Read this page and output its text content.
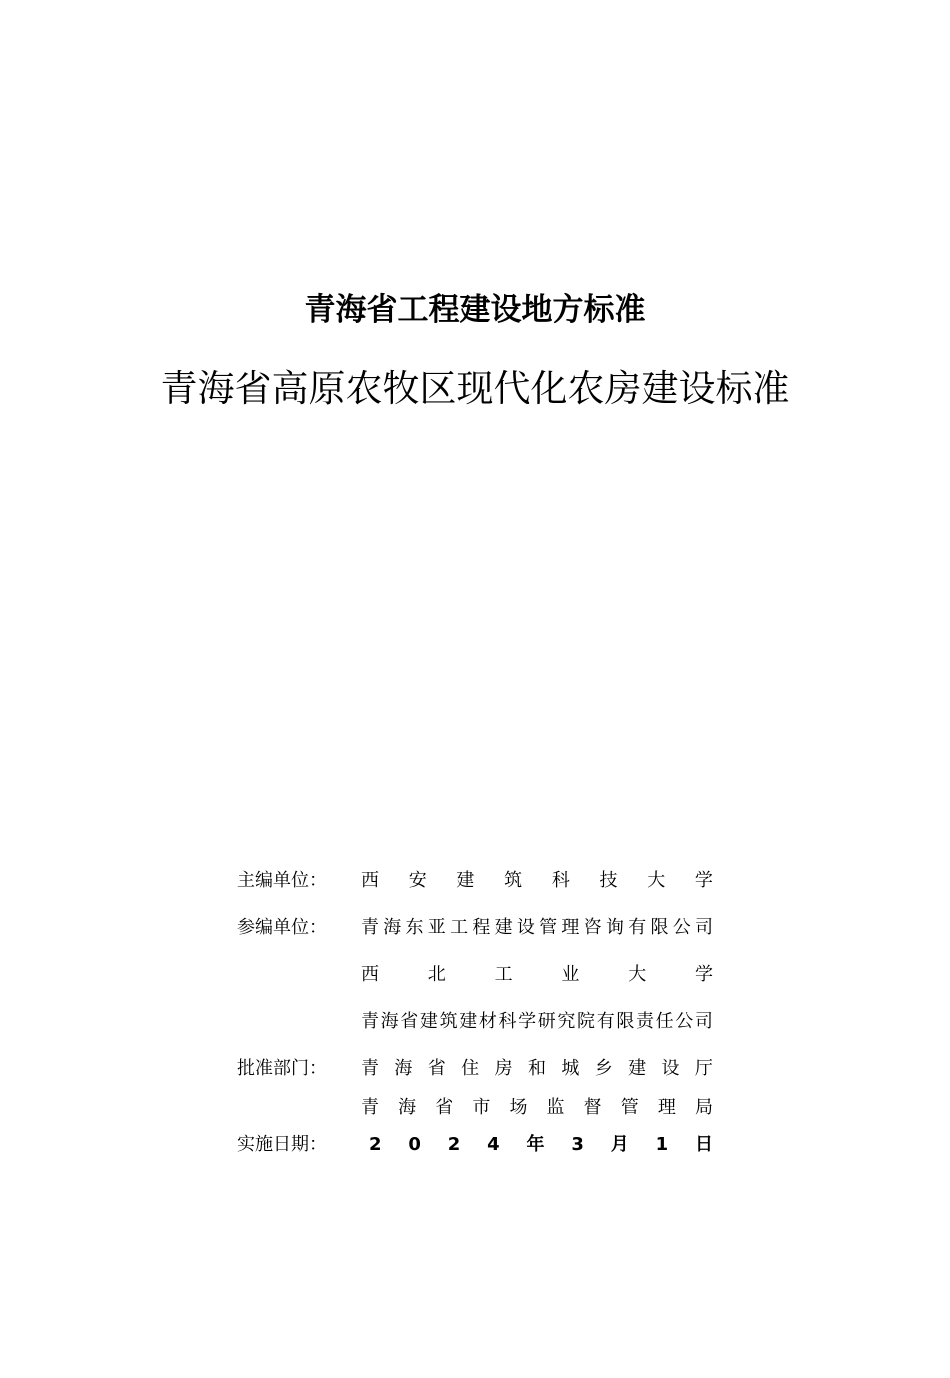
青海省工程建设地方标准
青海省高原农牧区现代化农房建设标准
主编单位：	西 安 建 筑 科 技 大 学
参编单位：	青 海 东 亚 工 程 建 设 管 理 咨 询 有 限 公 司
西	北	工	业	大	学
青 海 省 建 筑 建 材 科 学 研 究 院 有 限 责 任 公 司
批准部门：	青 海 省 住 房 和 城 乡 建 设 厅
青 海 省 市 场 监 督 管 理 局
实施日期：	2 0 2 4 年 3 月 1 日
